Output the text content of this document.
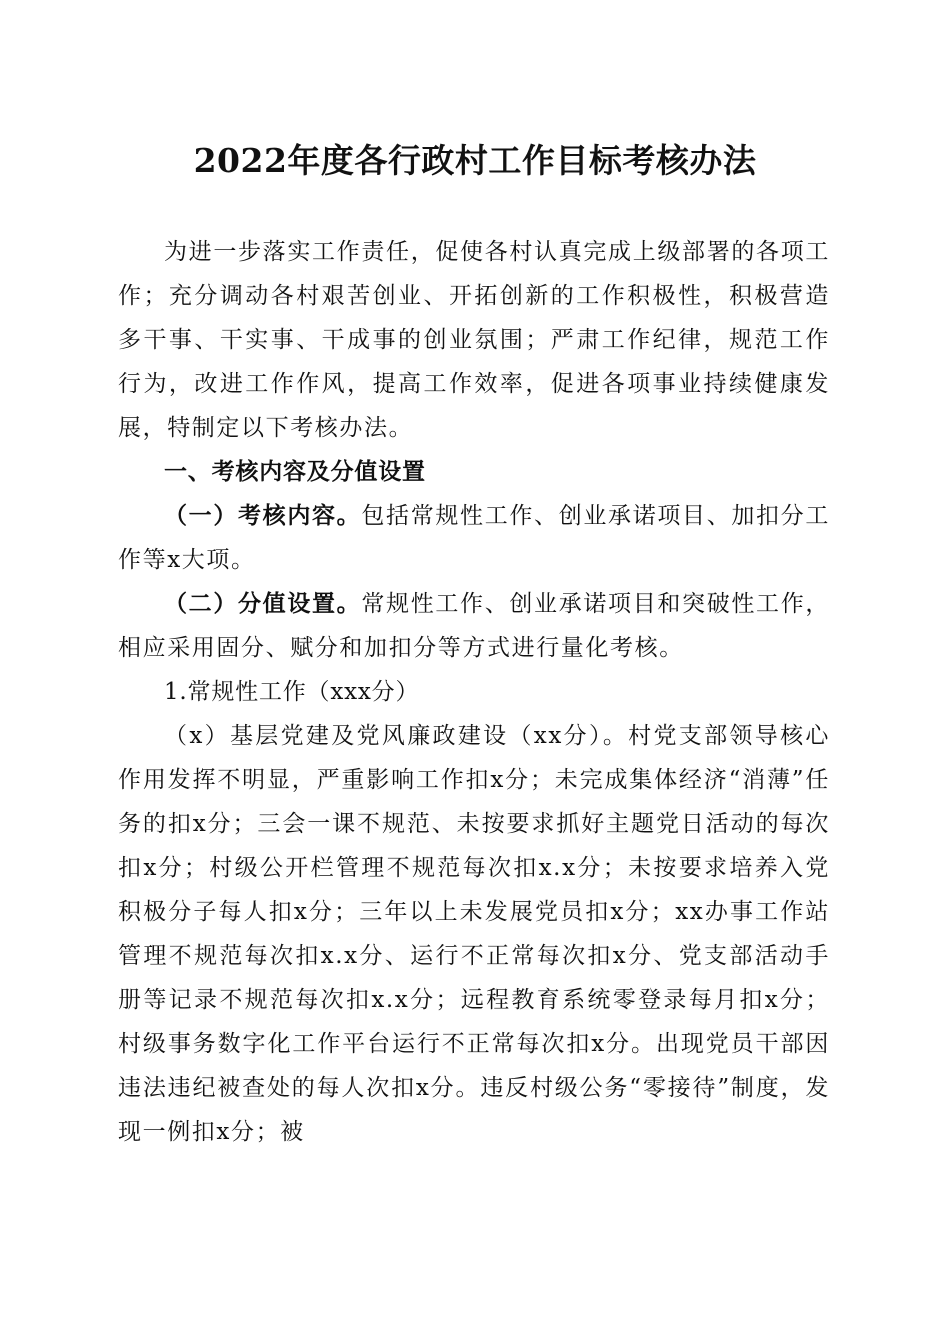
2022年度各行政村工作目标考核办法

为进一步落实工作责任，促使各村认真完成上级部署的各项工作；充分调动各村艰苦创业、开拓创新的工作积极性，积极营造多干事、干实事、干成事的创业氛围；严肃工作纪律，规范工作行为，改进工作作风，提高工作效率，促进各项事业持续健康发展，特制定以下考核办法。

一、考核内容及分值设置

（一）考核内容。包括常规性工作、创业承诺项目、加扣分工作等x大项。

（二）分值设置。常规性工作、创业承诺项目和突破性工作，相应采用固分、赋分和加扣分等方式进行量化考核。

1.常规性工作（xxx分）

（x）基层党建及党风廉政建设（xx分）。村党支部领导核心作用发挥不明显，严重影响工作扣x分；未完成集体经济“消薄”任务的扣x分；三会一课不规范、未按要求抓好主题党日活动的每次扣x分；村级公开栏管理不规范每次扣x.x分；未按要求培养入党积极分子每人扣x分；三年以上未发展党员扣x分；xx办事工作站管理不规范每次扣x.x分、运行不正常每次扣x分、党支部活动手册等记录不规范每次扣x.x分；远程教育系统零登录每月扣x分；村级事务数字化工作平台运行不正常每次扣x分。出现党员干部因违法违纪被查处的每人次扣x分。违反村级公务“零接待”制度，发现一例扣x分；被
